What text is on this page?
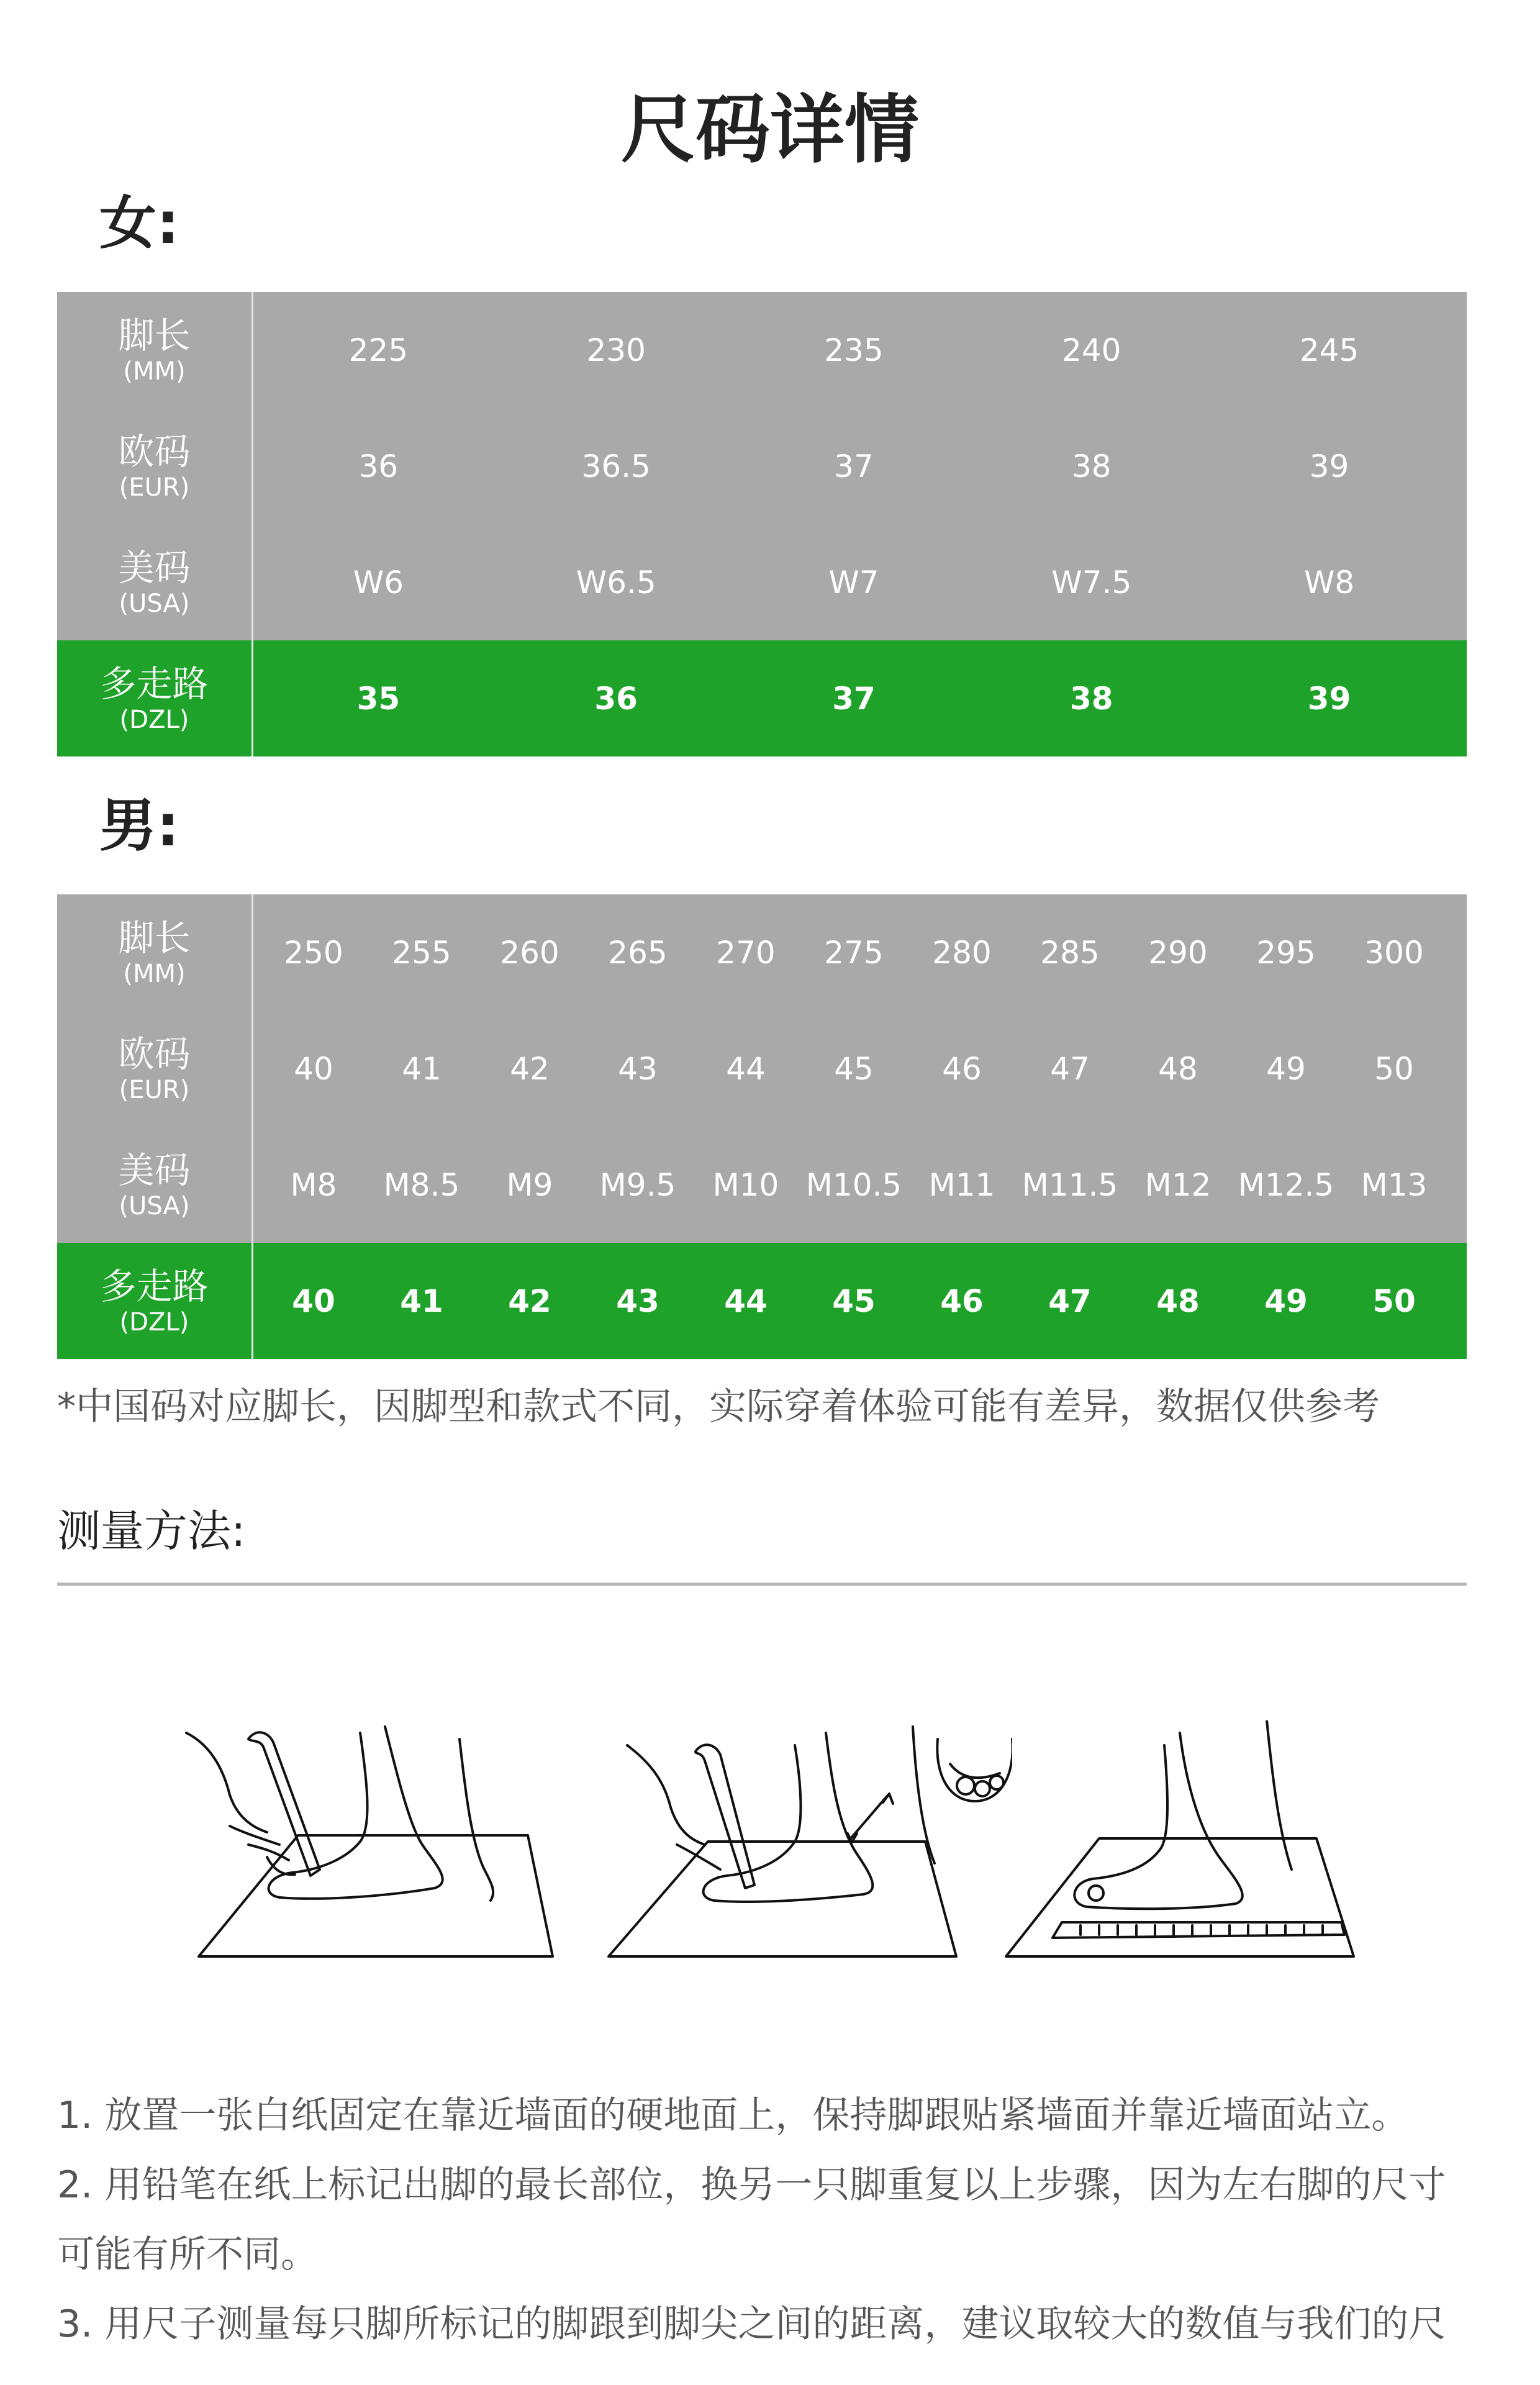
尺码详情
女:
脚长
(MM)
225	230	235	240	245
欧码
(EUR)
36	36.5	37	38	39
美码
(USA)
W6	W6.5	W7	W7.5	W8
多走路
(DZL)
35	36	37	38	39
男:
脚长
(MM)
250	255	260	265	270	275	280	285	290	295	300
欧码
(EUR)
40	41	42	43	44	45	46	47	48	49	50
美码
(USA)
M8	M8.5	M9	M9.5	M10 M10.5 M11 M11.5 M12 M12.5 M13
多走路
(DZL)
40	41	42	43	44	45	46	47	48	49	50
*中国码对应脚长，因脚型和款式不同，实际穿着体验可能有差异，数据仅供参考
测量方法:
1. 放置一张白纸固定在靠近墙面的硬地面上，保持脚跟贴紧墙面并靠近墙面站立。
2. 用铅笔在纸上标记出脚的最长部位，换另一只脚重复以上步骤，因为左右脚的尺寸
可能有所不同。
3. 用尺子测量每只脚所标记的脚跟到脚尖之间的距离，建议取较大的数值与我们的尺
